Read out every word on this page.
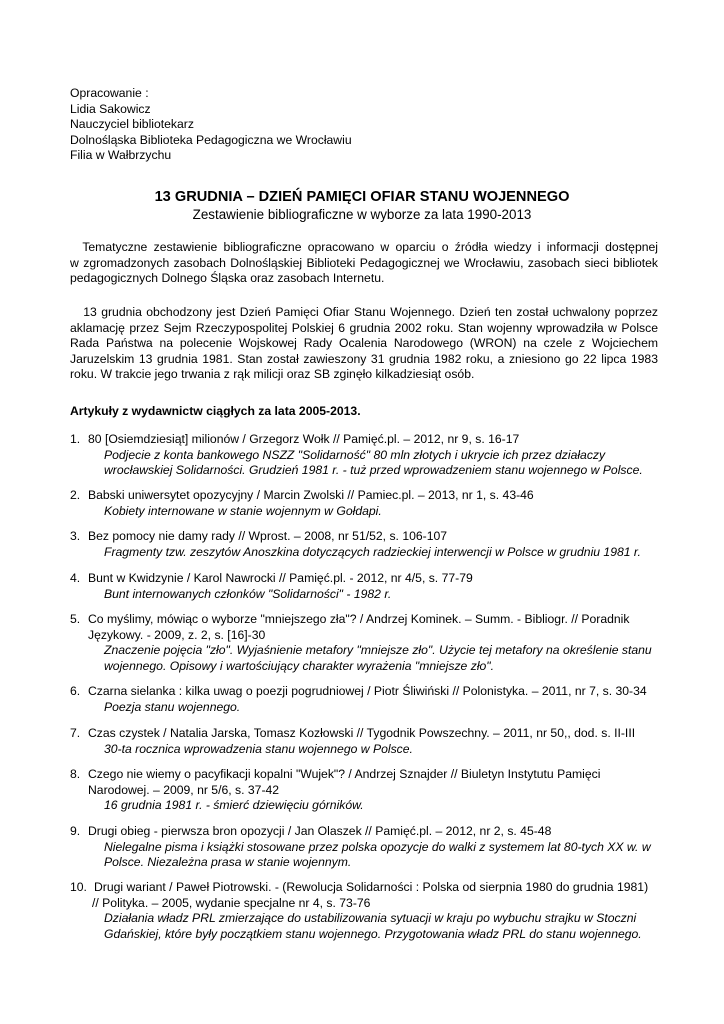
Opracowanie :
Lidia Sakowicz
Nauczyciel bibliotekarz
Dolnośląska Biblioteka Pedagogiczna we Wrocławiu
Filia w Wałbrzychu
13 GRUDNIA – DZIEŃ PAMIĘCI OFIAR STANU WOJENNEGO
Zestawienie bibliograficzne w wyborze za lata 1990-2013
Tematyczne zestawienie bibliograficzne opracowano w oparciu o źródła wiedzy i informacji dostępnej
w zgromadzonych zasobach Dolnośląskiej Biblioteki Pedagogicznej we Wrocławiu, zasobach sieci bibliotek
pedagogicznych Dolnego Śląska oraz zasobach Internetu.
13 grudnia obchodzony jest Dzień Pamięci Ofiar Stanu Wojennego. Dzień ten został uchwalony poprzez
aklamację przez Sejm Rzeczypospolitej Polskiej 6 grudnia 2002 roku. Stan wojenny wprowadziła w Polsce
Rada Państwa na polecenie Wojskowej Rady Ocalenia Narodowego (WRON) na czele z Wojciechem
Jaruzelskim 13 grudnia 1981. Stan został zawieszony 31 grudnia 1982 roku, a zniesiono go 22 lipca 1983
roku. W trakcie jego trwania z rąk milicji oraz SB zginęło kilkadziesiąt osób.
Artykuły z wydawnictw ciągłych za lata 2005-2013.
1. 80 [Osiemdziesiąt] milionów / Grzegorz Wołk // Pamięć.pl. – 2012, nr 9, s. 16-17
Podjecie z konta bankowego NSZZ "Solidarność" 80 mln złotych i ukrycie ich przez działaczy
wrocławskiej Solidarności. Grudzień 1981 r. - tuż przed wprowadzeniem stanu wojennego w Polsce.
2. Babski uniwersytet opozycyjny / Marcin Zwolski // Pamiec.pl. – 2013, nr 1, s. 43-46
Kobiety internowane w stanie wojennym w Gołdapi.
3. Bez pomocy nie damy rady // Wprost. – 2008, nr 51/52, s. 106-107
Fragmenty tzw. zeszytów Anoszkina dotyczących radzieckiej interwencji w Polsce w grudniu 1981 r.
4. Bunt w Kwidzynie / Karol Nawrocki // Pamięć.pl. - 2012, nr 4/5, s. 77-79
Bunt internowanych członków "Solidarności" - 1982 r.
5. Co myślimy, mówiąc o wyborze "mniejszego zła"? / Andrzej Kominek. – Summ. - Bibliogr. // Poradnik
Językowy. - 2009, z. 2, s. [16]-30
Znaczenie pojęcia "zło". Wyjaśnienie metafory "mniejsze zło". Użycie tej metafory na określenie stanu
wojennego. Opisowy i wartościujący charakter wyrażenia "mniejsze zło".
6. Czarna sielanka : kilka uwag o poezji pogrudniowej / Piotr Śliwiński // Polonistyka. – 2011, nr 7, s. 30-34
Poezja stanu wojennego.
7. Czas czystek / Natalia Jarska, Tomasz Kozłowski // Tygodnik Powszechny. – 2011, nr 50,, dod. s. II-III
30-ta rocznica wprowadzenia stanu wojennego w Polsce.
8. Czego nie wiemy o pacyfikacji kopalni "Wujek"? / Andrzej Sznajder // Biuletyn Instytutu Pamięci
Narodowej. – 2009, nr 5/6, s. 37-42
16 grudnia 1981 r. - śmierć dziewięciu górników.
9. Drugi obieg - pierwsza bron opozycji / Jan Olaszek // Pamięć.pl. – 2012, nr 2, s. 45-48
Nielegalne pisma i książki stosowane przez polska opozycje do walki z systemem lat 80-tych XX w. w
Polsce. Niezależna prasa w stanie wojennym.
10. Drugi wariant / Paweł Piotrowski. - (Rewolucja Solidarności : Polska od sierpnia 1980 do grudnia 1981)
// Polityka. – 2005, wydanie specjalne nr 4, s. 73-76
Działania władz PRL zmierzające do ustabilizowania sytuacji w kraju po wybuchu strajku w Stoczni
Gdańskiej, które były początkiem stanu wojennego. Przygotowania władz PRL do stanu wojennego.
